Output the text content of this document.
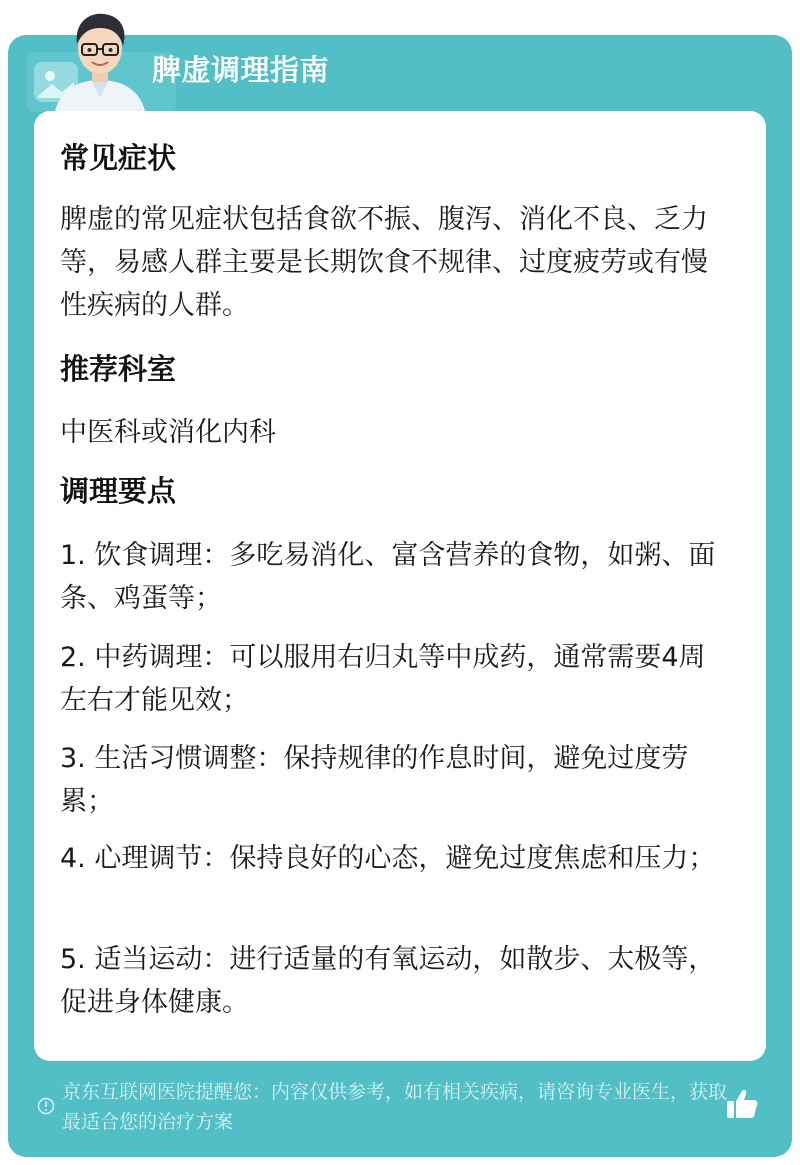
脾虚调理指南
常见症状
脾虚的常见症状包括食欲不振、腹泻、消化不良、乏力等，易感人群主要是长期饮食不规律、过度疲劳或有慢性疾病的人群。
推荐科室
中医科或消化内科
调理要点
1. 饮食调理：多吃易消化、富含营养的食物，如粥、面条、鸡蛋等；
2. 中药调理：可以服用右归丸等中成药，通常需要4周左右才能见效；
3. 生活习惯调整：保持规律的作息时间，避免过度劳累；
4. 心理调节：保持良好的心态，避免过度焦虑和压力；
5. 适当运动：进行适量的有氧运动，如散步、太极等，促进身体健康。
京东互联网医院提醒您：内容仅供参考，如有相关疾病，请咨询专业医生，获取最适合您的治疗方案
